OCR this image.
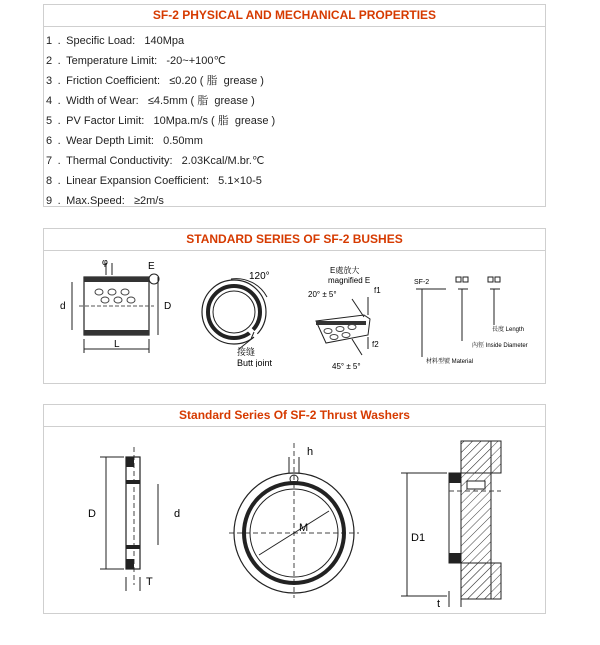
SF-2 PHYSICAL AND MECHANICAL PROPERTIES
1 . Specific Load:   140Mpa
2 . Temperature Limit:   -20~+100℃
3 . Friction Coefficient:   ≤0.20 ( 脂  grease )
4 . Width of Wear:   ≤4.5mm ( 脂  grease )
5 . PV Factor Limit:   10Mpa.m/s ( 脂  grease )
6 . Wear Depth Limit:   0.50mm
7 . Thermal Conductivity:   2.03Kcal/M.br.℃
8 . Linear Expansion Coefficient:   5.1×10-5
9 . Max.Speed:   ≥2m/s
STANDARD SERIES OF SF-2 BUSHES
φ	E
d	D
L
120°
接缝
Butt joint
E處放大
magnified E
20° ± 5°	f1
f2
45° ± 5°
SF-2
長度 Length
內徑 Inside Diameter
材料型號 Material
Standard Series Of SF-2 Thrust Washers
D	d
T
h
M
D1
t
